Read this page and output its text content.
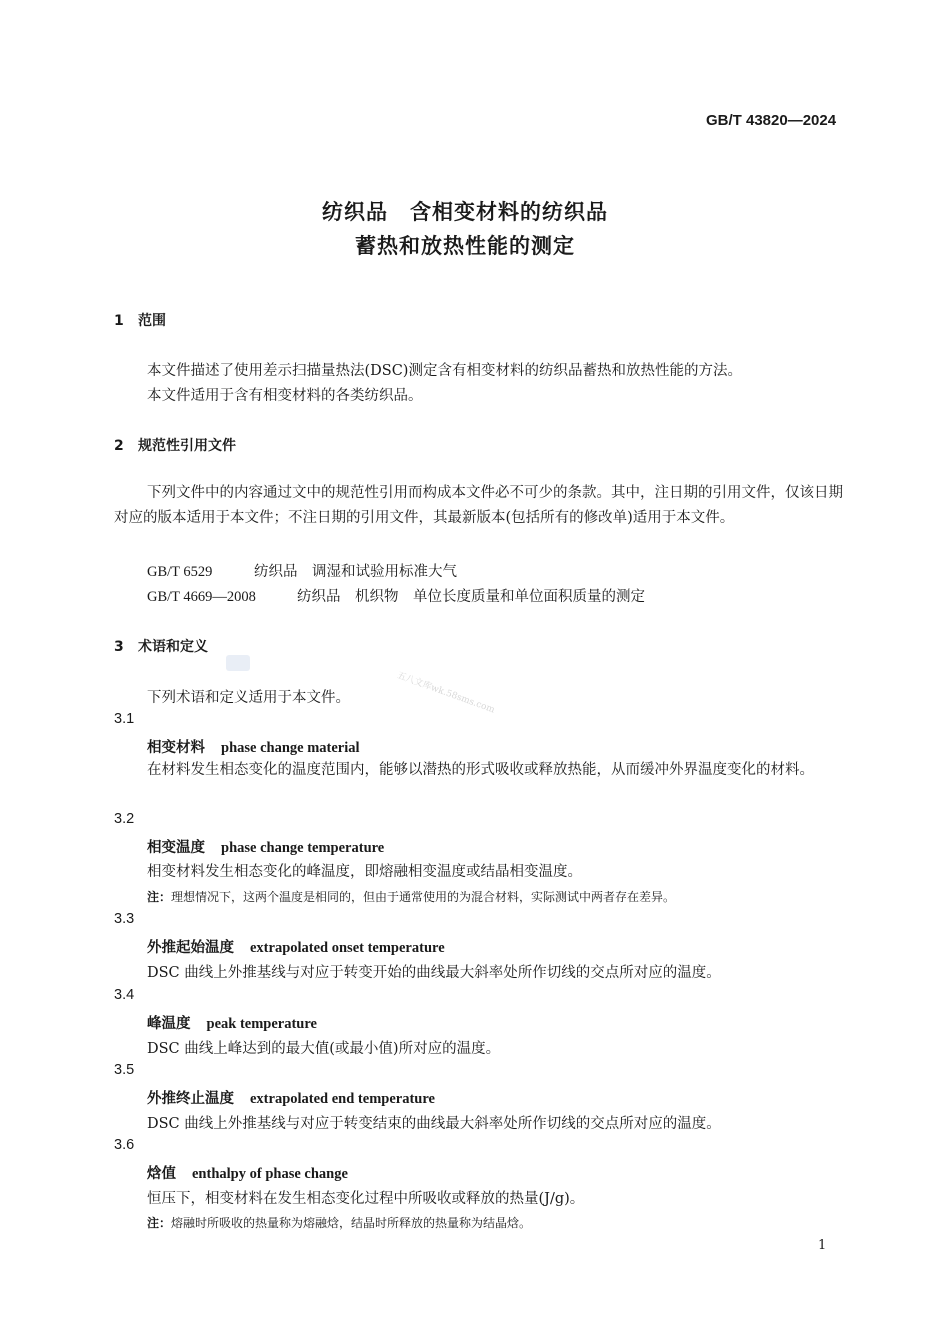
GB/T 43820—2024
纺织品　含相变材料的纺织品
蓄热和放热性能的测定
1 范围
本文件描述了使用差示扫描量热法(DSC)测定含有相变材料的纺织品蓄热和放热性能的方法。
本文件适用于含有相变材料的各类纺织品。
2 规范性引用文件
下列文件中的内容通过文中的规范性引用而构成本文件必不可少的条款。其中，注日期的引用文件，仅该日期对应的版本适用于本文件；不注日期的引用文件，其最新版本(包括所有的修改单)适用于本文件。
GB/T 6529	纺织品　调湿和试验用标准大气
GB/T 4669—2008	纺织品　机织物　单位长度质量和单位面积质量的测定
3 术语和定义
五八文库wk.58sms.com
下列术语和定义适用于本文件。
3.1
相变材料 phase change material
在材料发生相态变化的温度范围内，能够以潜热的形式吸收或释放热能，从而缓冲外界温度变化的材料。
3.2
相变温度 phase change temperature
相变材料发生相态变化的峰温度，即熔融相变温度或结晶相变温度。
注：理想情况下，这两个温度是相同的，但由于通常使用的为混合材料，实际测试中两者存在差异。
3.3
外推起始温度 extrapolated onset temperature
DSC 曲线上外推基线与对应于转变开始的曲线最大斜率处所作切线的交点所对应的温度。
3.4
峰温度 peak temperature
DSC 曲线上峰达到的最大值(或最小值)所对应的温度。
3.5
外推终止温度 extrapolated end temperature
DSC 曲线上外推基线与对应于转变结束的曲线最大斜率处所作切线的交点所对应的温度。
3.6
焓值 enthalpy of phase change
恒压下，相变材料在发生相态变化过程中所吸收或释放的热量(J/g)。
注：熔融时所吸收的热量称为熔融焓，结晶时所释放的热量称为结晶焓。
1
